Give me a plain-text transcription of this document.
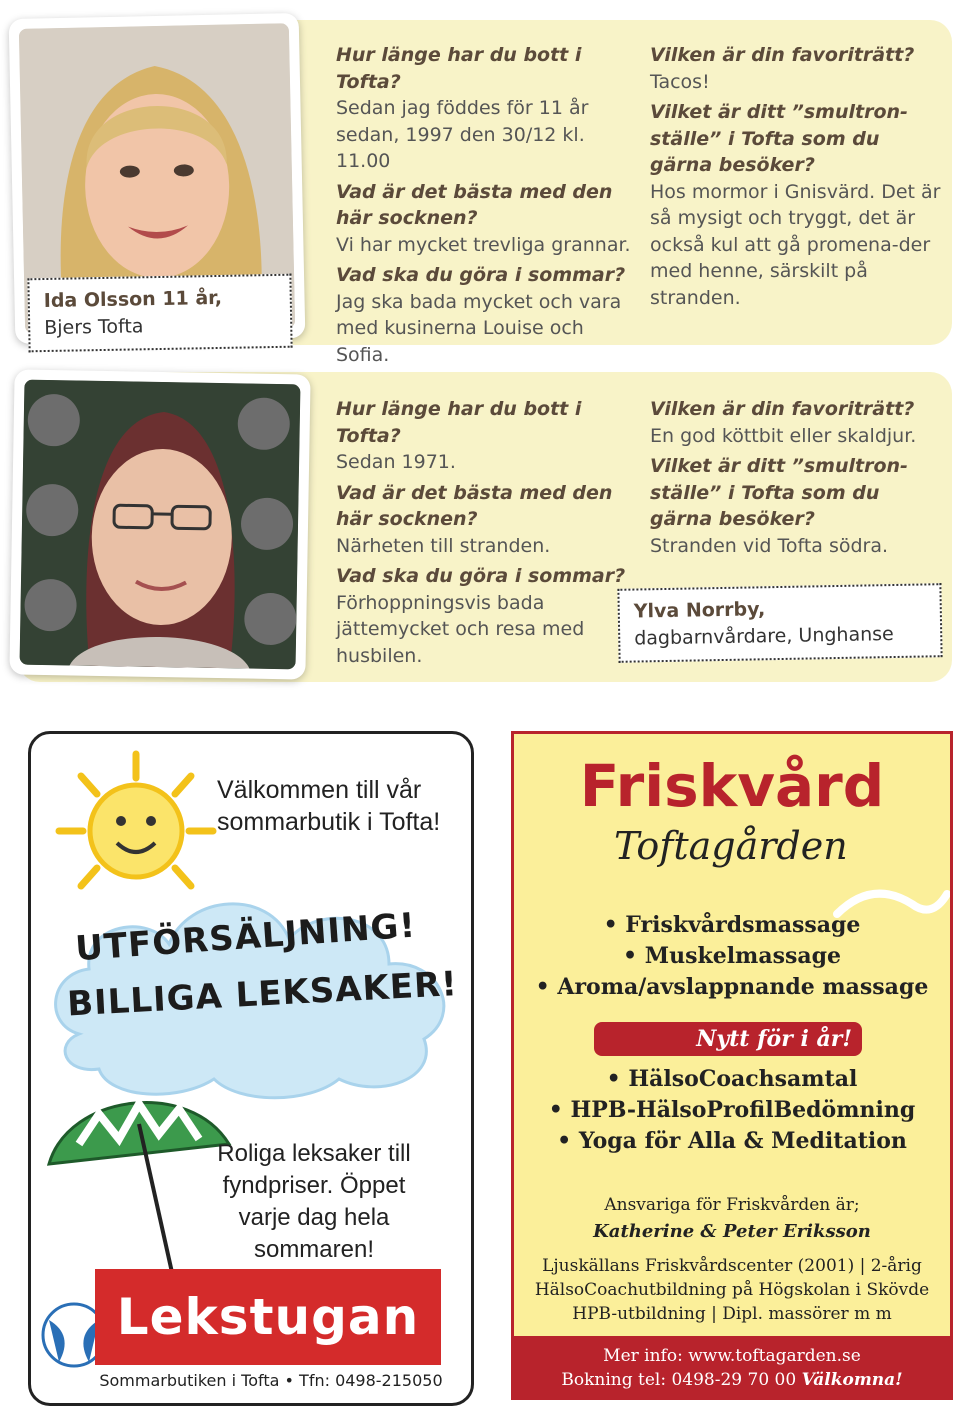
Ida Olsson 11 år,
Bjers Tofta

Hur länge har du bott i Tofta?
Sedan jag föddes för 11 år sedan, 1997 den 30/12 kl. 11.00

Vad är det bästa med den här socknen?
Vi har mycket trevliga grannar.

Vad ska du göra i sommar?
Jag ska bada mycket och vara med kusinerna Louise och Sofia.

Vilken är din favoriträtt?
Tacos!

Vilket är ditt ”smultron-ställe” i Tofta som du gärna besöker?
Hos mormor i Gnisvärd. Det är så mysigt och tryggt, det är också kul att gå promena-der med henne, särskilt på stranden.

Hur länge har du bott i Tofta?
Sedan 1971.

Vad är det bästa med den här socknen?
Närheten till stranden.

Vad ska du göra i sommar?
Förhoppningsvis bada jättemycket och resa med husbilen.

Vilken är din favoriträtt?
En god köttbit eller skaldjur.

Vilket är ditt ”smultron-ställe” i Tofta som du gärna besöker?
Stranden vid Tofta södra.

Ylva Norrby,
dagbarnvårdare, Unghanse
Välkommen till vår sommarbutik i Tofta!
UTFÖRSÄLJNING!
BILLIGA LEKSAKER!
Roliga leksaker till fyndpriser. Öppet varje dag hela sommaren!
Lekstugan
Sommarbutiken i Tofta • Tfn: 0498-215050
Friskvård
Toftagården
• Friskvårdsmassage
• Muskelmassage
• Aroma/avslappnande massage
Nytt för i år!
• HälsoCoachsamtal
• HPB-HälsoProfilBedömning
• Yoga för Alla & Meditation
Ansvariga för Friskvården är;
Katherine & Peter Eriksson
Ljuskällans Friskvårdscenter (2001) | 2-årig
HälsoCoachutbildning på Högskolan i Skövde
HPB-utbildning | Dipl. massörer m m
Mer info: www.toftagarden.se
Bokning tel: 0498-29 70 00 Välkomna!
